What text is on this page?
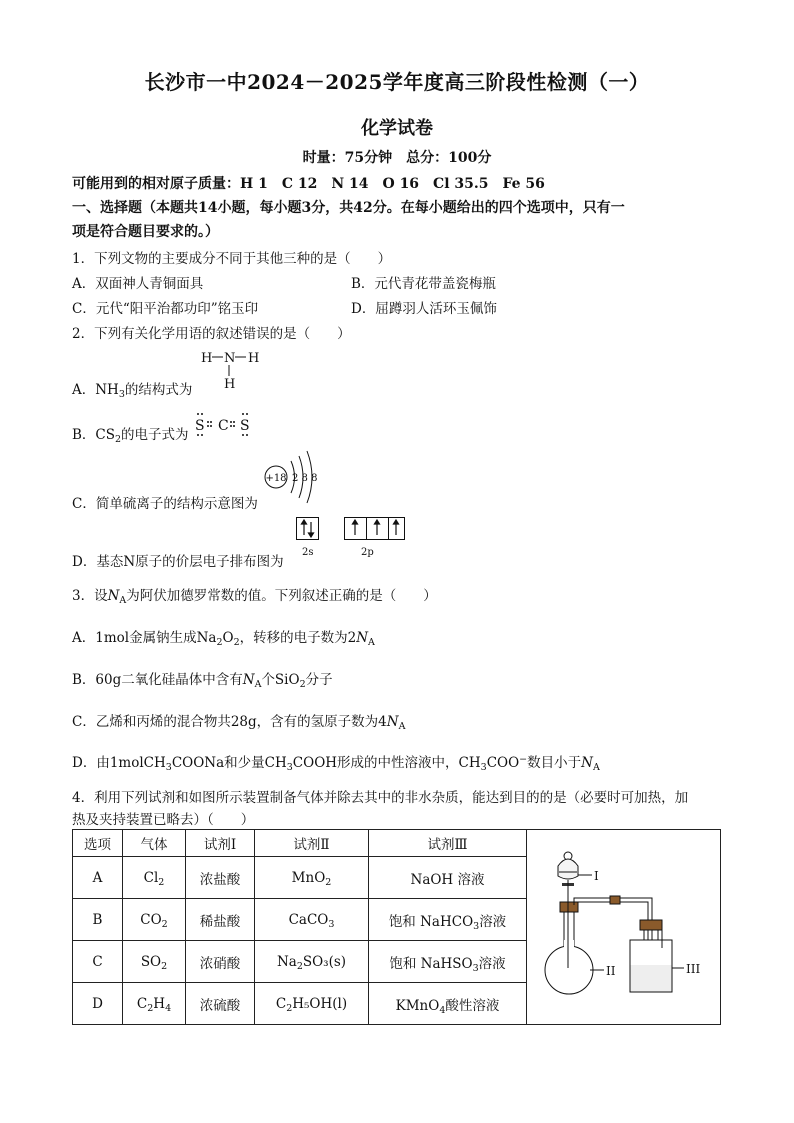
长沙市一中2024－2025学年度高三阶段性检测（一）
化学试卷
时量：75分钟　总分：100分
可能用到的相对原子质量：H 1　C 12　N 14　O 16　Cl 35.5　Fe 56
一、选择题（本题共14小题，每小题3分，共42分。在每小题给出的四个选项中，只有一
项是符合题目要求的。）
1．下列文物的主要成分不同于其他三种的是（　　）
A．双面神人青铜面具	B．元代青花带盖瓷梅瓶
C．元代“阳平治都功印”铭玉印	D．屈蹲羽人活环玉佩饰
2．下列有关化学用语的叙述错误的是（　　）
A．$NH_3$的结构式为
H N H
H
B．$CS_2$的电子式为
S C S
C．简单硫离子的结构示意图为
+18 2 8 8
D．基态N原子的价层电子排布图为
2s	2p
3．设$N_A$为阿伏加德罗常数的值。下列叙述正确的是（　　）
A．1mol金属钠生成$Na_2O_2$，转移的电子数为$2N_A$
B．60g二氧化硅晶体中含有$N_A$个SiO$_2$分子
C．乙烯和丙烯的混合物共28g，含有的氢原子数为$4N_A$
D．由1molCH$_3$COONa和少量$CH_3COOH$形成的中性溶液中，$CH_3COO^-$数目小于$N_A$
4．利用下列试剂和如图所示装置制备气体并除去其中的非水杂质，能达到目的的是（必要时可加热，加
热及夹持装置已略去）（　　）
选项	气体	试剂Ⅰ	试剂Ⅱ	试剂Ⅲ
A	$Cl_2$	浓盐酸	MnO$_2$	NaOH 溶液
B	$CO_2$	稀盐酸	CaCO$_3$	饱和 NaHCO$_3$溶液
C	$SO_2$	浓硝酸	$Na_2SO_3(s)$	饱和 NaHSO$_3$溶液
D	$C_2H_4$	浓硫酸	$C_2H_5OH(l)$	KMnO$_4$酸性溶液
I
II	III
